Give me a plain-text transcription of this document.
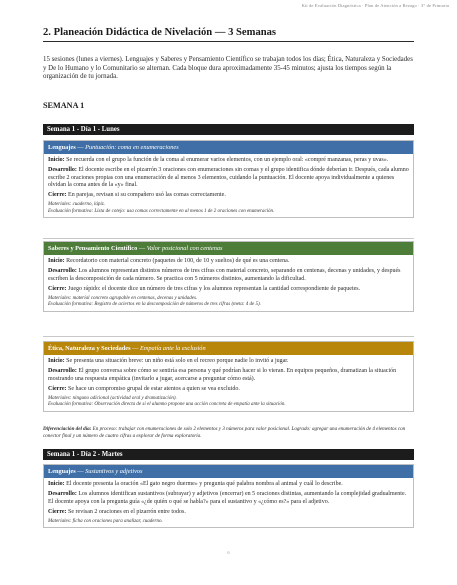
Kit de Evaluación Diagnóstica · Plan de Atención a Rezago · 3° de Primaria
2. Planeación Didáctica de Nivelación — 3 Semanas

15 sesiones (lunes a viernes). Lenguajes y Saberes y Pensamiento Científico se trabajan todos los días; Ética, Naturaleza y Sociedades y De lo Humano y lo Comunitario se alternan. Cada bloque dura aproximadamente 35-45 minutos; ajusta los tiempos según la organización de tu jornada.

SEMANA 1
Semana 1 - Día 1 - Lunes
Lenguajes — Puntuación: coma en enumeraciones

Inicio: Se recuerda con el grupo la función de la coma al enumerar varios elementos, con un ejemplo oral: «compré manzanas, peras y uvas».

Desarrollo: El docente escribe en el pizarrón 3 oraciones con enumeraciones sin comas y el grupo identifica dónde deberían ir. Después, cada alumno escribe 2 oraciones propias con una enumeración de al menos 3 elementos, cuidando la puntuación. El docente apoya individualmente a quienes olvidan la coma antes de la «y» final.

Cierre: En parejas, revisan si su compañero usó las comas correctamente.

Materiales: cuaderno, lápiz.

Evaluación formativa: Lista de cotejo: usa comas correctamente en al menos 1 de 2 oraciones con enumeración.

Saberes y Pensamiento Científico — Valor posicional con centenas

Inicio: Recordatorio con material concreto (paquetes de 100, de 10 y sueltos) de qué es una centena.

Desarrollo: Los alumnos representan distintos números de tres cifras con material concreto, separando en centenas, decenas y unidades, y después escriben la descomposición de cada número. Se practica con 5 números distintos, aumentando la dificultad.

Cierre: Juego rápido: el docente dice un número de tres cifras y los alumnos representan la cantidad correspondiente de paquetes.

Materiales: material concreto agrupable en centenas, decenas y unidades.

Evaluación formativa: Registro de aciertos en la descomposición de números de tres cifras (meta: 4 de 5).

Ética, Naturaleza y Sociedades — Empatía ante la exclusión

Inicio: Se presenta una situación breve: un niño está solo en el recreo porque nadie lo invitó a jugar.

Desarrollo: El grupo conversa sobre cómo se sentiría esa persona y qué podrían hacer si lo vieran. En equipos pequeños, dramatizan la situación mostrando una respuesta empática (invitarlo a jugar, acercarse a preguntar cómo está).

Cierre: Se hace un compromiso grupal de estar atentos a quien se vea excluido.

Materiales: ninguno adicional (actividad oral y dramatización).

Evaluación formativa: Observación directa de si el alumno propone una acción concreta de empatía ante la situación.

Diferenciación del día: En proceso: trabajar con enumeraciones de solo 2 elementos y 3 números para valor posicional. Logrado: agregar una enumeración de 4 elementos con conector final y un número de cuatro cifras a explorar de forma exploratoria.

Semana 1 - Día 2 - Martes
Lenguajes — Sustantivos y adjetivos

Inicio: El docente presenta la oración «El gato negro duerme» y pregunta qué palabra nombra al animal y cuál lo describe.

Desarrollo: Los alumnos identifican sustantivos (subrayar) y adjetivos (encerrar) en 5 oraciones distintas, aumentando la complejidad gradualmente. El docente apoya con la pregunta guía «¿de quién o qué se habla?» para el sustantivo y «¿cómo es?» para el adjetivo.

Cierre: Se revisan 2 oraciones en el pizarrón entre todos.

Materiales: ficha con oraciones para analizar, cuaderno.

6
